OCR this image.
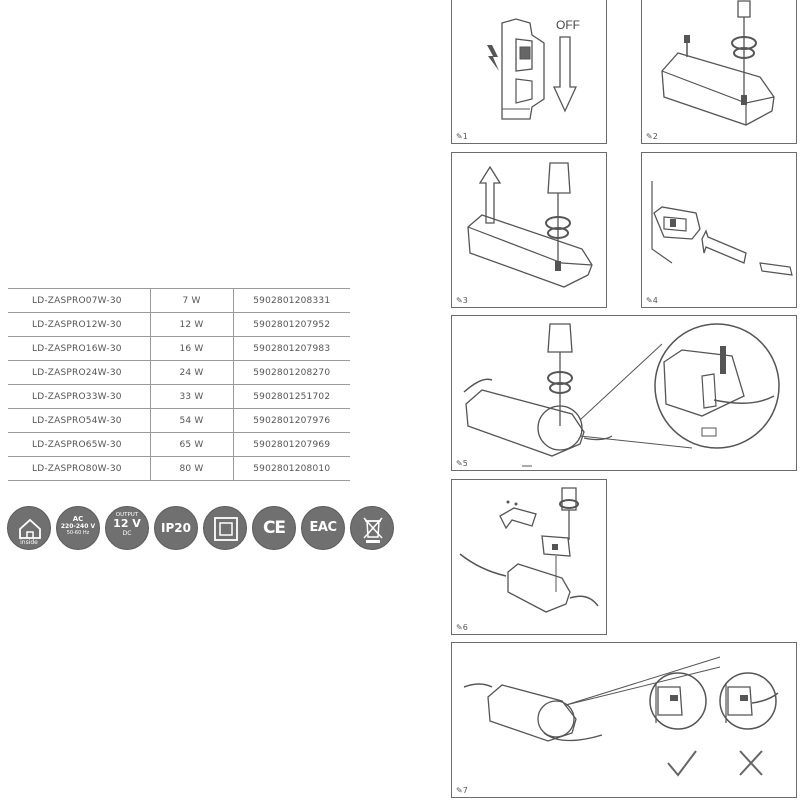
LD-ZASPRO07W-30	7 W	5902801208331
LD-ZASPRO12W-30	12 W	5902801207952
LD-ZASPRO16W-30	16 W	5902801207983
LD-ZASPRO24W-30	24 W	5902801208270
LD-ZASPRO33W-30	33 W	5902801251702
LD-ZASPRO54W-30	54 W	5902801207976
LD-ZASPRO65W-30	65 W	5902801207969
LD-ZASPRO80W-30	80 W	5902801208010
inside
AC
220-240 V
50-60 Hz
OUTPUT
12 V
DC	IP20	CE	EAC
OFF
✎1	✎2
✎3	✎4
✎5
✎6
✎7
